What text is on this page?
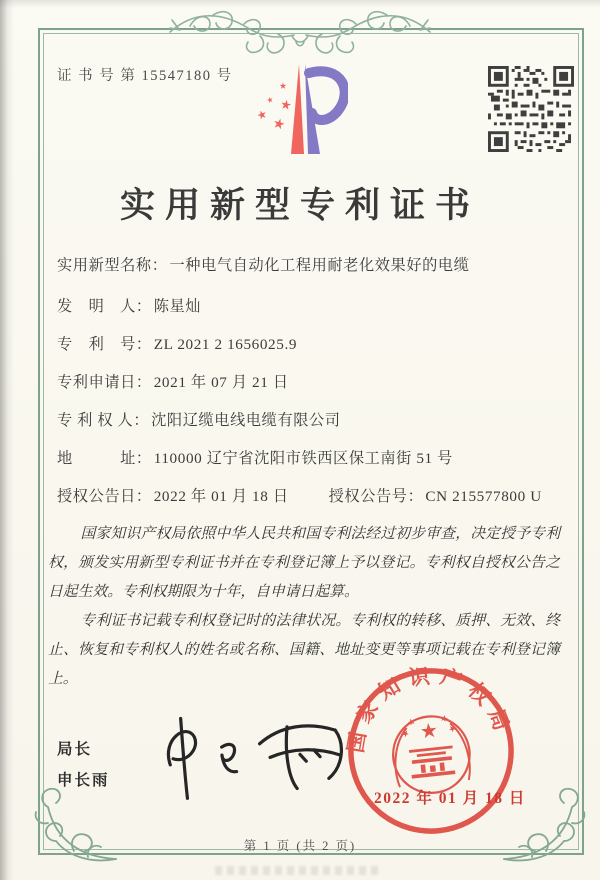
证 书 号 第 15547180 号
实用新型专利证书
实用新型名称： 一种电气自动化工程用耐老化效果好的电缆
发　明　人： 陈星灿
专　利　号： ZL 2021 2 1656025.9
专利申请日： 2021 年 07 月 21 日
专 利 权 人： 沈阳辽缆电线电缆有限公司
地　　　址： 110000 辽宁省沈阳市铁西区保工南街 51 号
授权公告日： 2022 年 01 月 18 日	授权公告号： CN 215577800 U

国家知识产权局依照中华人民共和国专利法经过初步审查，决定授予专利权，颁发实用新型专利证书并在专利登记簿上予以登记。专利权自授权公告之日起生效。专利权期限为十年，自申请日起算。

专利证书记载专利权登记时的法律状况。专利权的转移、质押、无效、终止、恢复和专利权人的姓名或名称、国籍、地址变更等事项记载在专利登记簿上。

局长
申长雨
国家知识产权局
2022 年 01 月 18 日
第 1 页 (共 2 页)
